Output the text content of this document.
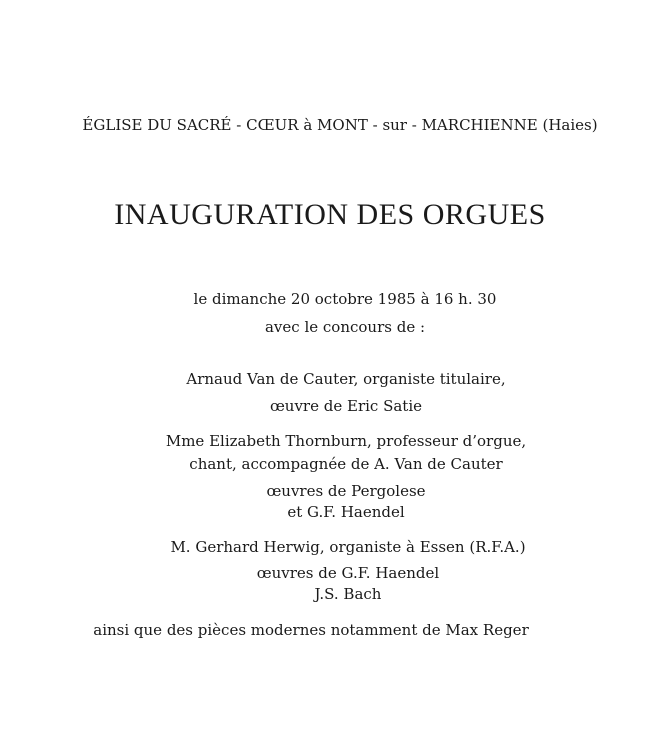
ÉGLISE DU SACRÉ - CŒUR à MONT - sur - MARCHIENNE (Haies)
INAUGURATION DES ORGUES
le dimanche 20 octobre 1985 à 16 h. 30
avec le concours de :
Arnaud Van de Cauter, organiste titulaire,
œuvre de Eric Satie
Mme Elizabeth Thornburn, professeur d’orgue,
chant, accompagnée de A. Van de Cauter
œuvres de Pergolese
et G.F. Haendel
M. Gerhard Herwig, organiste à Essen (R.F.A.)
œuvres de G.F. Haendel
J.S. Bach
ainsi que des pièces modernes notamment de Max Reger
